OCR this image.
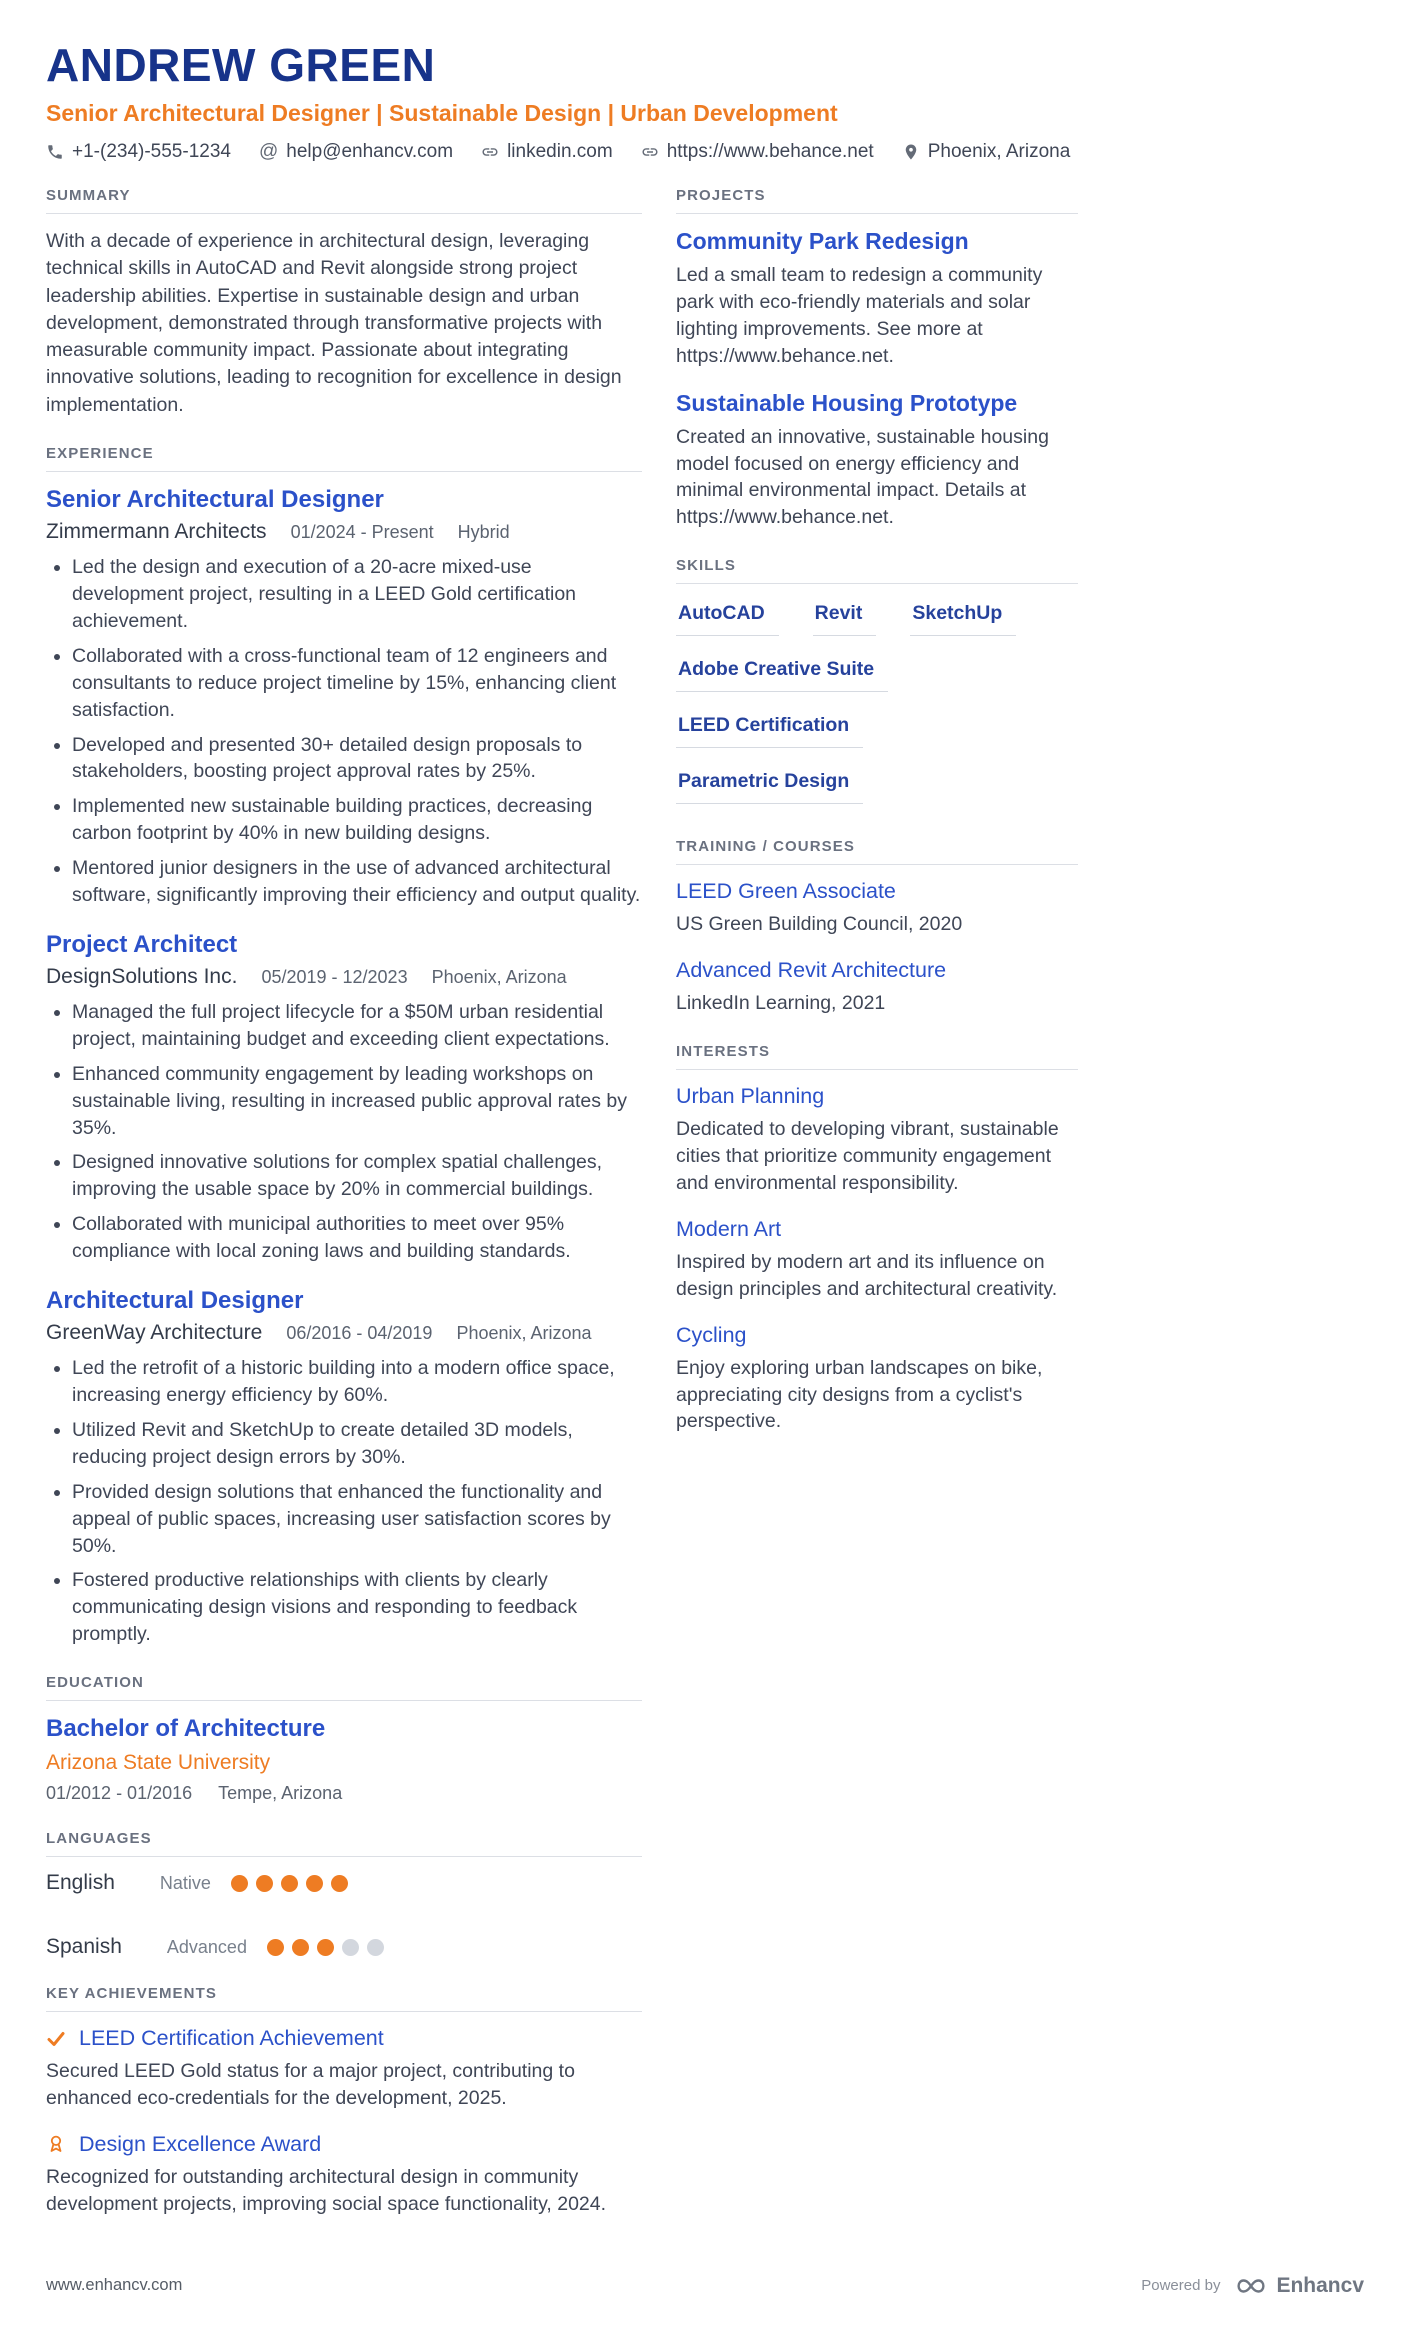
ANDREW GREEN
Senior Architectural Designer | Sustainable Design | Urban Development
+1-(234)-555-1234 @ help@enhancv.com	linkedin.com	https://www.behance.net	Phoenix, Arizona
SUMMARY

With a decade of experience in architectural design, leveraging technical skills in AutoCAD and Revit alongside strong project leadership abilities. Expertise in sustainable design and urban development, demonstrated through transformative projects with measurable community impact. Passionate about integrating innovative solutions, leading to recognition for excellence in design implementation.

EXPERIENCE
Senior Architectural Designer
Zimmermann Architects 01/2024 - Present Hybrid
• Led the design and execution of a 20-acre mixed-use development project, resulting in a LEED Gold certification achievement.
• Collaborated with a cross-functional team of 12 engineers and consultants to reduce project timeline by 15%, enhancing client satisfaction.
• Developed and presented 30+ detailed design proposals to stakeholders, boosting project approval rates by 25%.
• Implemented new sustainable building practices, decreasing carbon footprint by 40% in new building designs.
• Mentored junior designers in the use of advanced architectural software, significantly improving their efficiency and output quality.
Project Architect
DesignSolutions Inc. 05/2019 - 12/2023 Phoenix, Arizona
• Managed the full project lifecycle for a $50M urban residential project, maintaining budget and exceeding client expectations.
• Enhanced community engagement by leading workshops on sustainable living, resulting in increased public approval rates by 35%.
• Designed innovative solutions for complex spatial challenges, improving the usable space by 20% in commercial buildings.
• Collaborated with municipal authorities to meet over 95% compliance with local zoning laws and building standards.
Architectural Designer
GreenWay Architecture 06/2016 - 04/2019 Phoenix, Arizona
• Led the retrofit of a historic building into a modern office space, increasing energy efficiency by 60%.
• Utilized Revit and SketchUp to create detailed 3D models, reducing project design errors by 30%.
• Provided design solutions that enhanced the functionality and appeal of public spaces, increasing user satisfaction scores by 50%.
• Fostered productive relationships with clients by clearly communicating design visions and responding to feedback promptly.
EDUCATION
Bachelor of Architecture
Arizona State University
01/2012 - 01/2016 Tempe, Arizona
LANGUAGES
English	Native
Spanish	Advanced
KEY ACHIEVEMENTS
LEED Certification Achievement

Secured LEED Gold status for a major project, contributing to enhanced eco-credentials for the development, 2025.

Design Excellence Award

Recognized for outstanding architectural design in community development projects, improving social space functionality, 2024.

PROJECTS
Community Park Redesign

Led a small team to redesign a community park with eco-friendly materials and solar lighting improvements. See more at https://www.behance.net.

Sustainable Housing Prototype

Created an innovative, sustainable housing model focused on energy efficiency and minimal environmental impact. Details at https://www.behance.net.

SKILLS
AutoCAD	Revit	SketchUp
Adobe Creative Suite
LEED Certification
Parametric Design
TRAINING / COURSES
LEED Green Associate

US Green Building Council, 2020

Advanced Revit Architecture

LinkedIn Learning, 2021

INTERESTS
Urban Planning

Dedicated to developing vibrant, sustainable cities that prioritize community engagement and environmental responsibility.

Modern Art

Inspired by modern art and its influence on design principles and architectural creativity.

Cycling

Enjoy exploring urban landscapes on bike, appreciating city designs from a cyclist's perspective.

www.enhancv.com	Powered by	Enhancv
